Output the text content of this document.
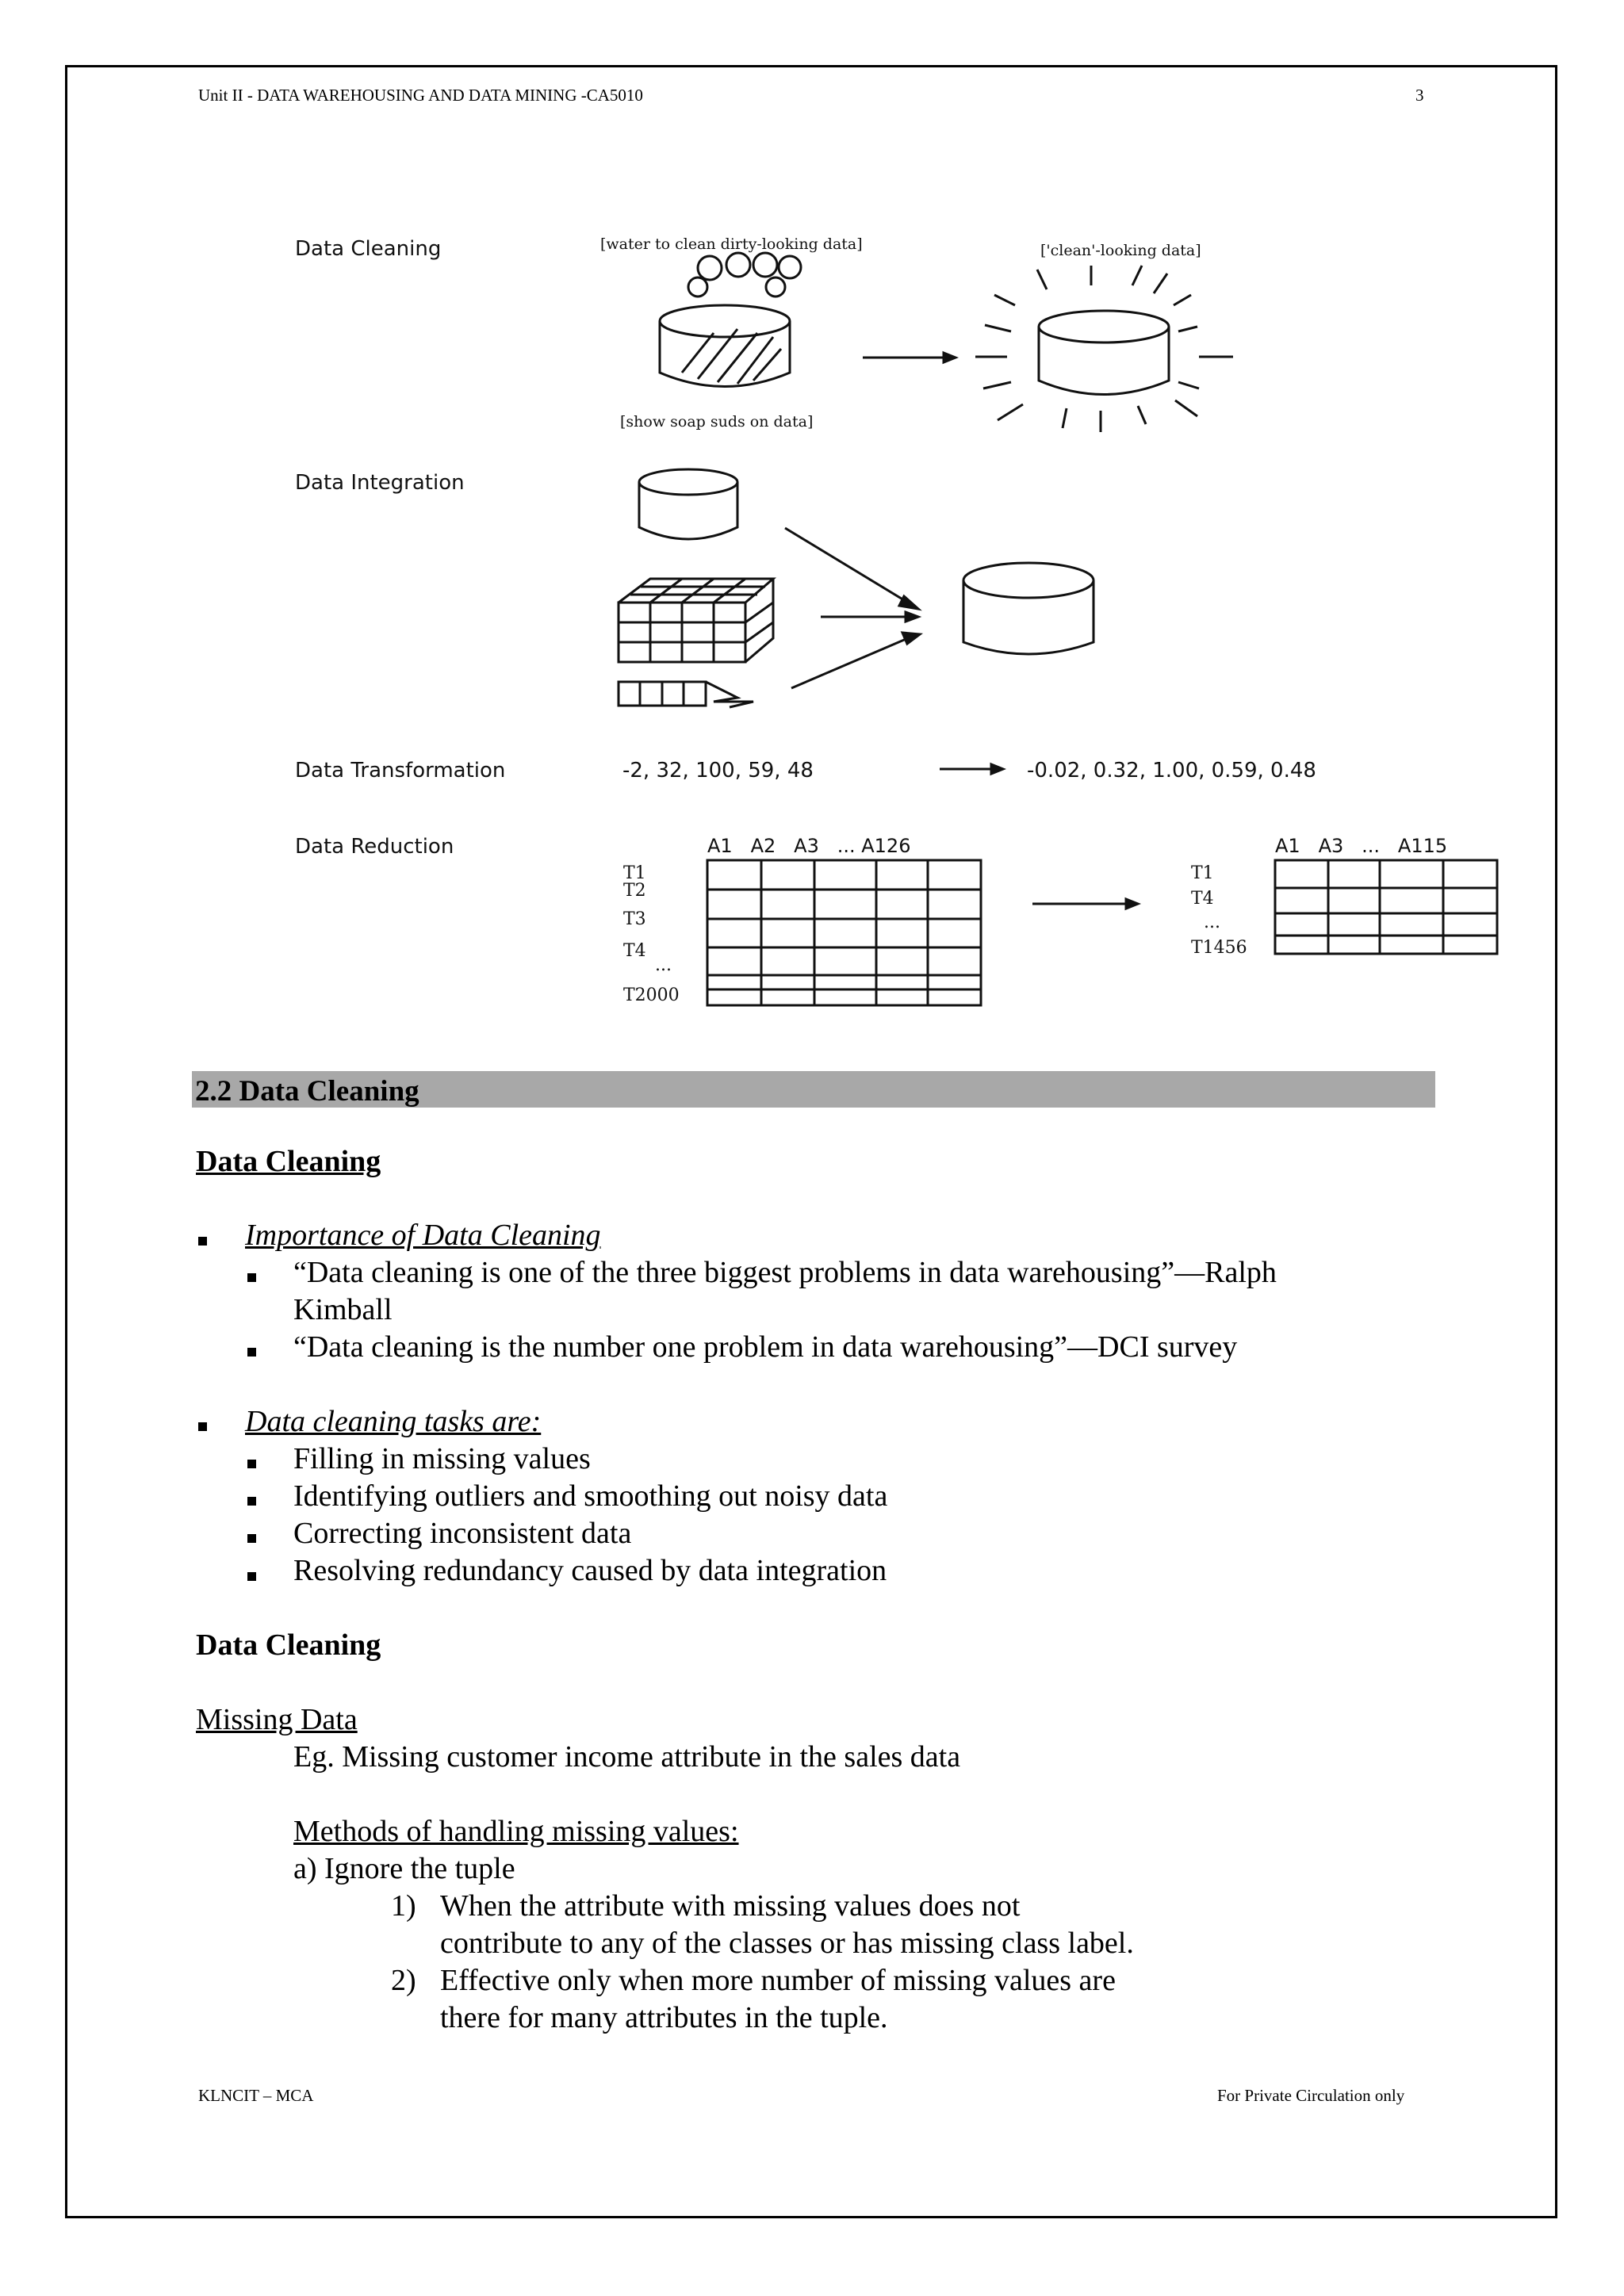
Unit II - DATA WAREHOUSING AND DATA MINING -CA5010	3
Data Cleaning	[water to clean dirty-looking data]	['clean'-looking data]
[show soap suds on data]
Data Integration
Data Transformation	-2, 32, 100, 59, 48	-0.02, 0.32, 1.00, 0.59, 0.48
Data Reduction	A1   A2   A3   ... A126
T1
T2
T3
T4
...
T2000
A1   A3   ...   A115
T1
T4
...
T1456
2.2 Data Cleaning
Data Cleaning
Importance of Data Cleaning
“Data cleaning is one of the three biggest problems in data warehousing”—Ralph
Kimball
“Data cleaning is the number one problem in data warehousing”—DCI survey
Data cleaning tasks are:
Filling in missing values
Identifying outliers and smoothing out noisy data
Correcting inconsistent data
Resolving redundancy caused by data integration
Data Cleaning
Missing Data
Eg. Missing customer income attribute in the sales data
Methods of handling missing values:
a) Ignore the tuple
1) When the attribute with missing values does not
contribute to any of the classes or has missing class label.
2) Effective only when more number of missing values are
there for many attributes in the tuple.
KLNCIT – MCA	For Private Circulation only
